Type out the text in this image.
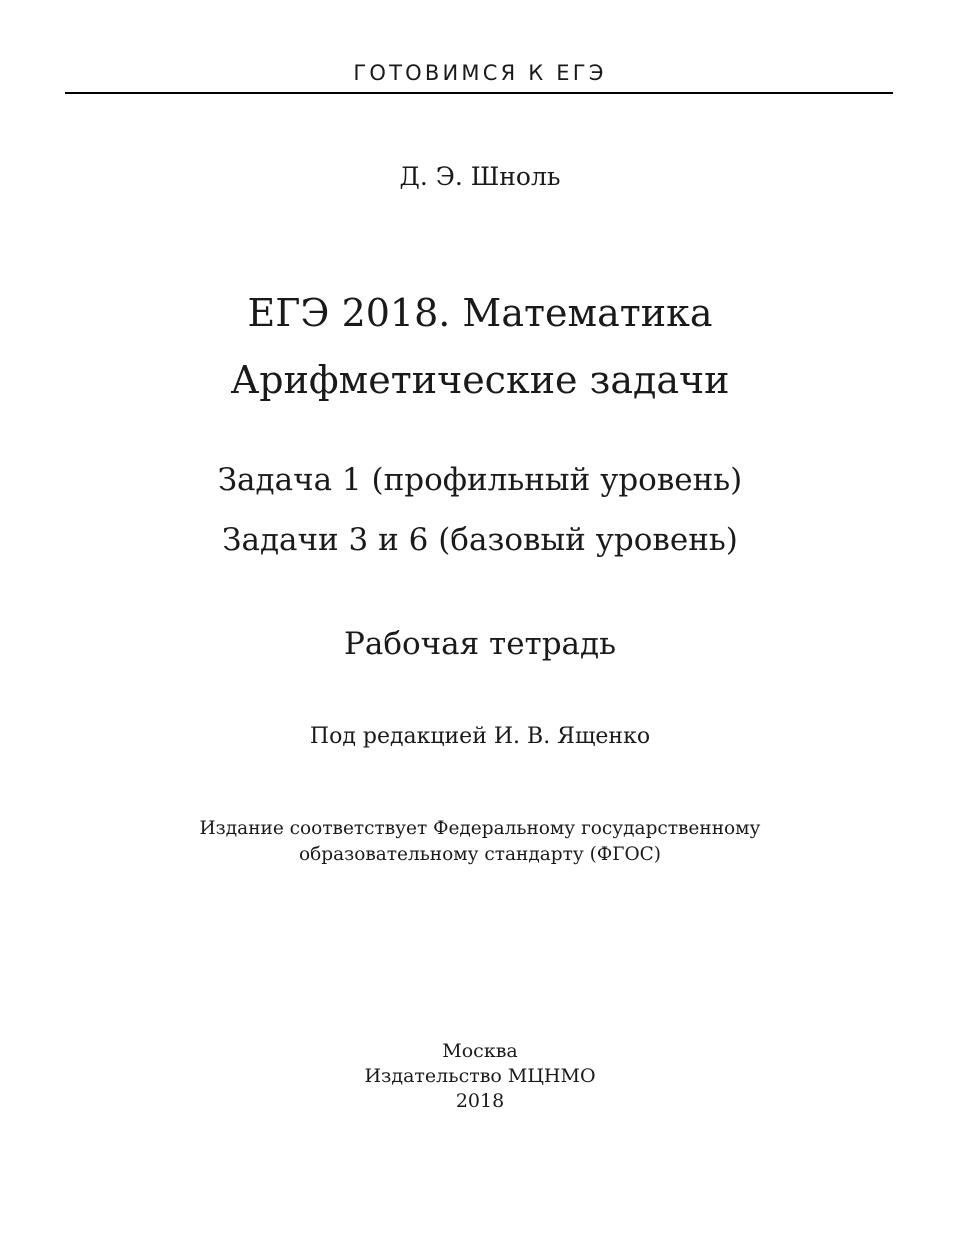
ГОТОВИМСЯ К ЕГЭ
Д. Э. Шноль
ЕГЭ 2018. Математика
Арифметические задачи
Задача 1 (профильный уровень)
Задачи 3 и 6 (базовый уровень)
Рабочая тетрадь
Под редакцией И. В. Ященко
Издание соответствует Федеральному государственному
образовательному стандарту (ФГОС)
Москва
Издательство МЦНМО
2018
